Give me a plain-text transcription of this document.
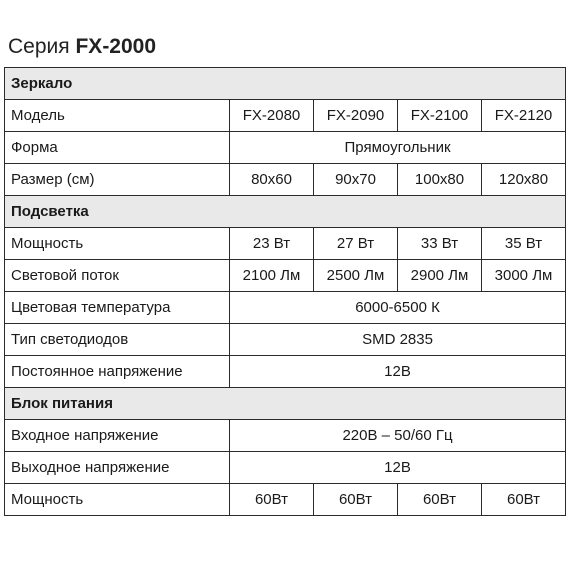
Серия FX-2000
Зеркало				
Модель	FX-2080	FX-2090	FX-2100	FX-2120
Форма	Прямоугольник			
Размер (см)	80х60	90х70	100х80	120х80
Подсветка				
Мощность	23 Вт	27 Вт	33 Вт	35 Вт
Световой поток	2100 Лм	2500 Лм	2900 Лм	3000 Лм
Цветовая температура	6000-6500 К			
Тип светодиодов	SMD 2835			
Постоянное напряжение	12В			
Блок питания				
Входное напряжение	220В – 50/60 Гц			
Выходное напряжение	12В			
Мощность	60Вт	60Вт	60Вт	60Вт
